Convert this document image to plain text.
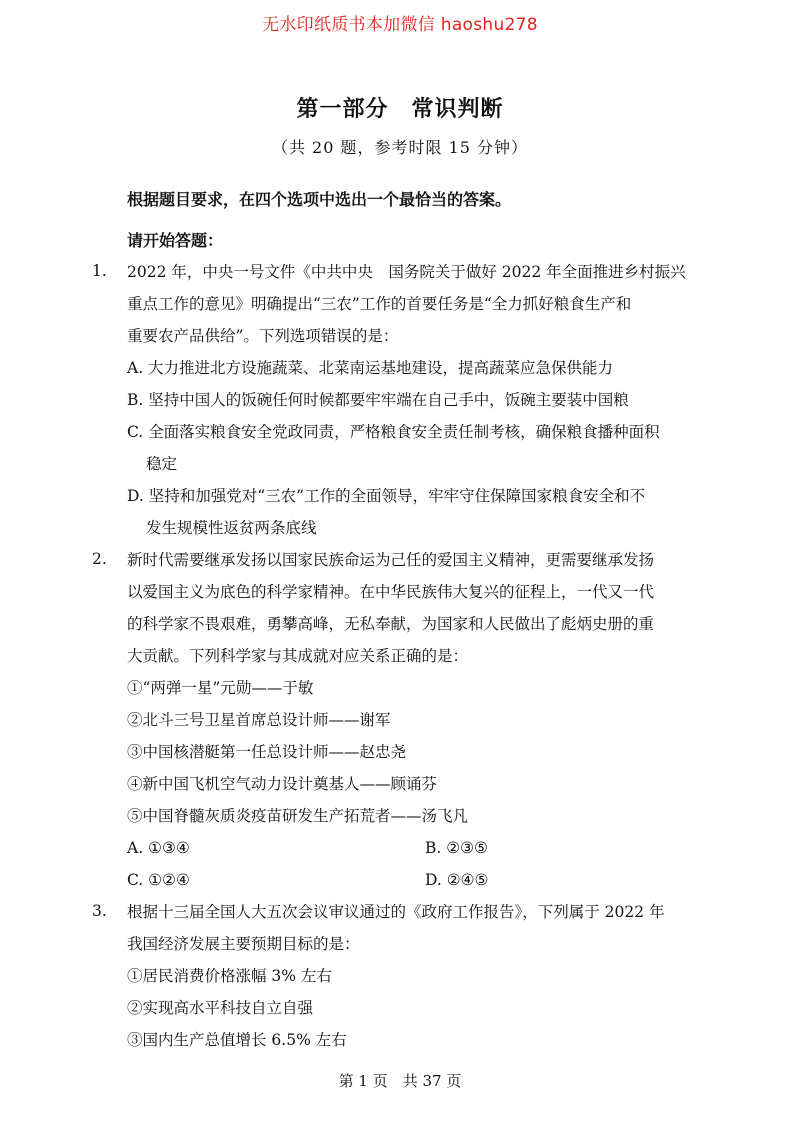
无水印纸质书本加微信 haoshu278
第一部分　常识判断
（共 20 题，参考时限 15 分钟）
根据题目要求，在四个选项中选出一个最恰当的答案。
请开始答题：
1. 2022 年，中央一号文件《中共中央　国务院关于做好 2022 年全面推进乡村振兴
重点工作的意见》明确提出“三农”工作的首要任务是“全力抓好粮食生产和
重要农产品供给”。下列选项错误的是：
A. 大力推进北方设施蔬菜、北菜南运基地建设，提高蔬菜应急保供能力
B. 坚持中国人的饭碗任何时候都要牢牢端在自己手中，饭碗主要装中国粮
C. 全面落实粮食安全党政同责，严格粮食安全责任制考核，确保粮食播种面积
稳定
D. 坚持和加强党对“三农”工作的全面领导，牢牢守住保障国家粮食安全和不
发生规模性返贫两条底线
2. 新时代需要继承发扬以国家民族命运为己任的爱国主义精神，更需要继承发扬
以爱国主义为底色的科学家精神。在中华民族伟大复兴的征程上，一代又一代
的科学家不畏艰难，勇攀高峰，无私奉献，为国家和人民做出了彪炳史册的重
大贡献。下列科学家与其成就对应关系正确的是：
①“两弹一星”元勋——于敏
②北斗三号卫星首席总设计师——谢军
③中国核潜艇第一任总设计师——赵忠尧
④新中国飞机空气动力设计奠基人——顾诵芬
⑤中国脊髓灰质炎疫苗研发生产拓荒者——汤飞凡
A. ①③④	B. ②③⑤
C. ①②④	D. ②④⑤
3. 根据十三届全国人大五次会议审议通过的《政府工作报告》，下列属于 2022 年
我国经济发展主要预期目标的是：
①居民消费价格涨幅 3% 左右
②实现高水平科技自立自强
③国内生产总值增长 6.5% 左右
第 1 页　共 37 页
